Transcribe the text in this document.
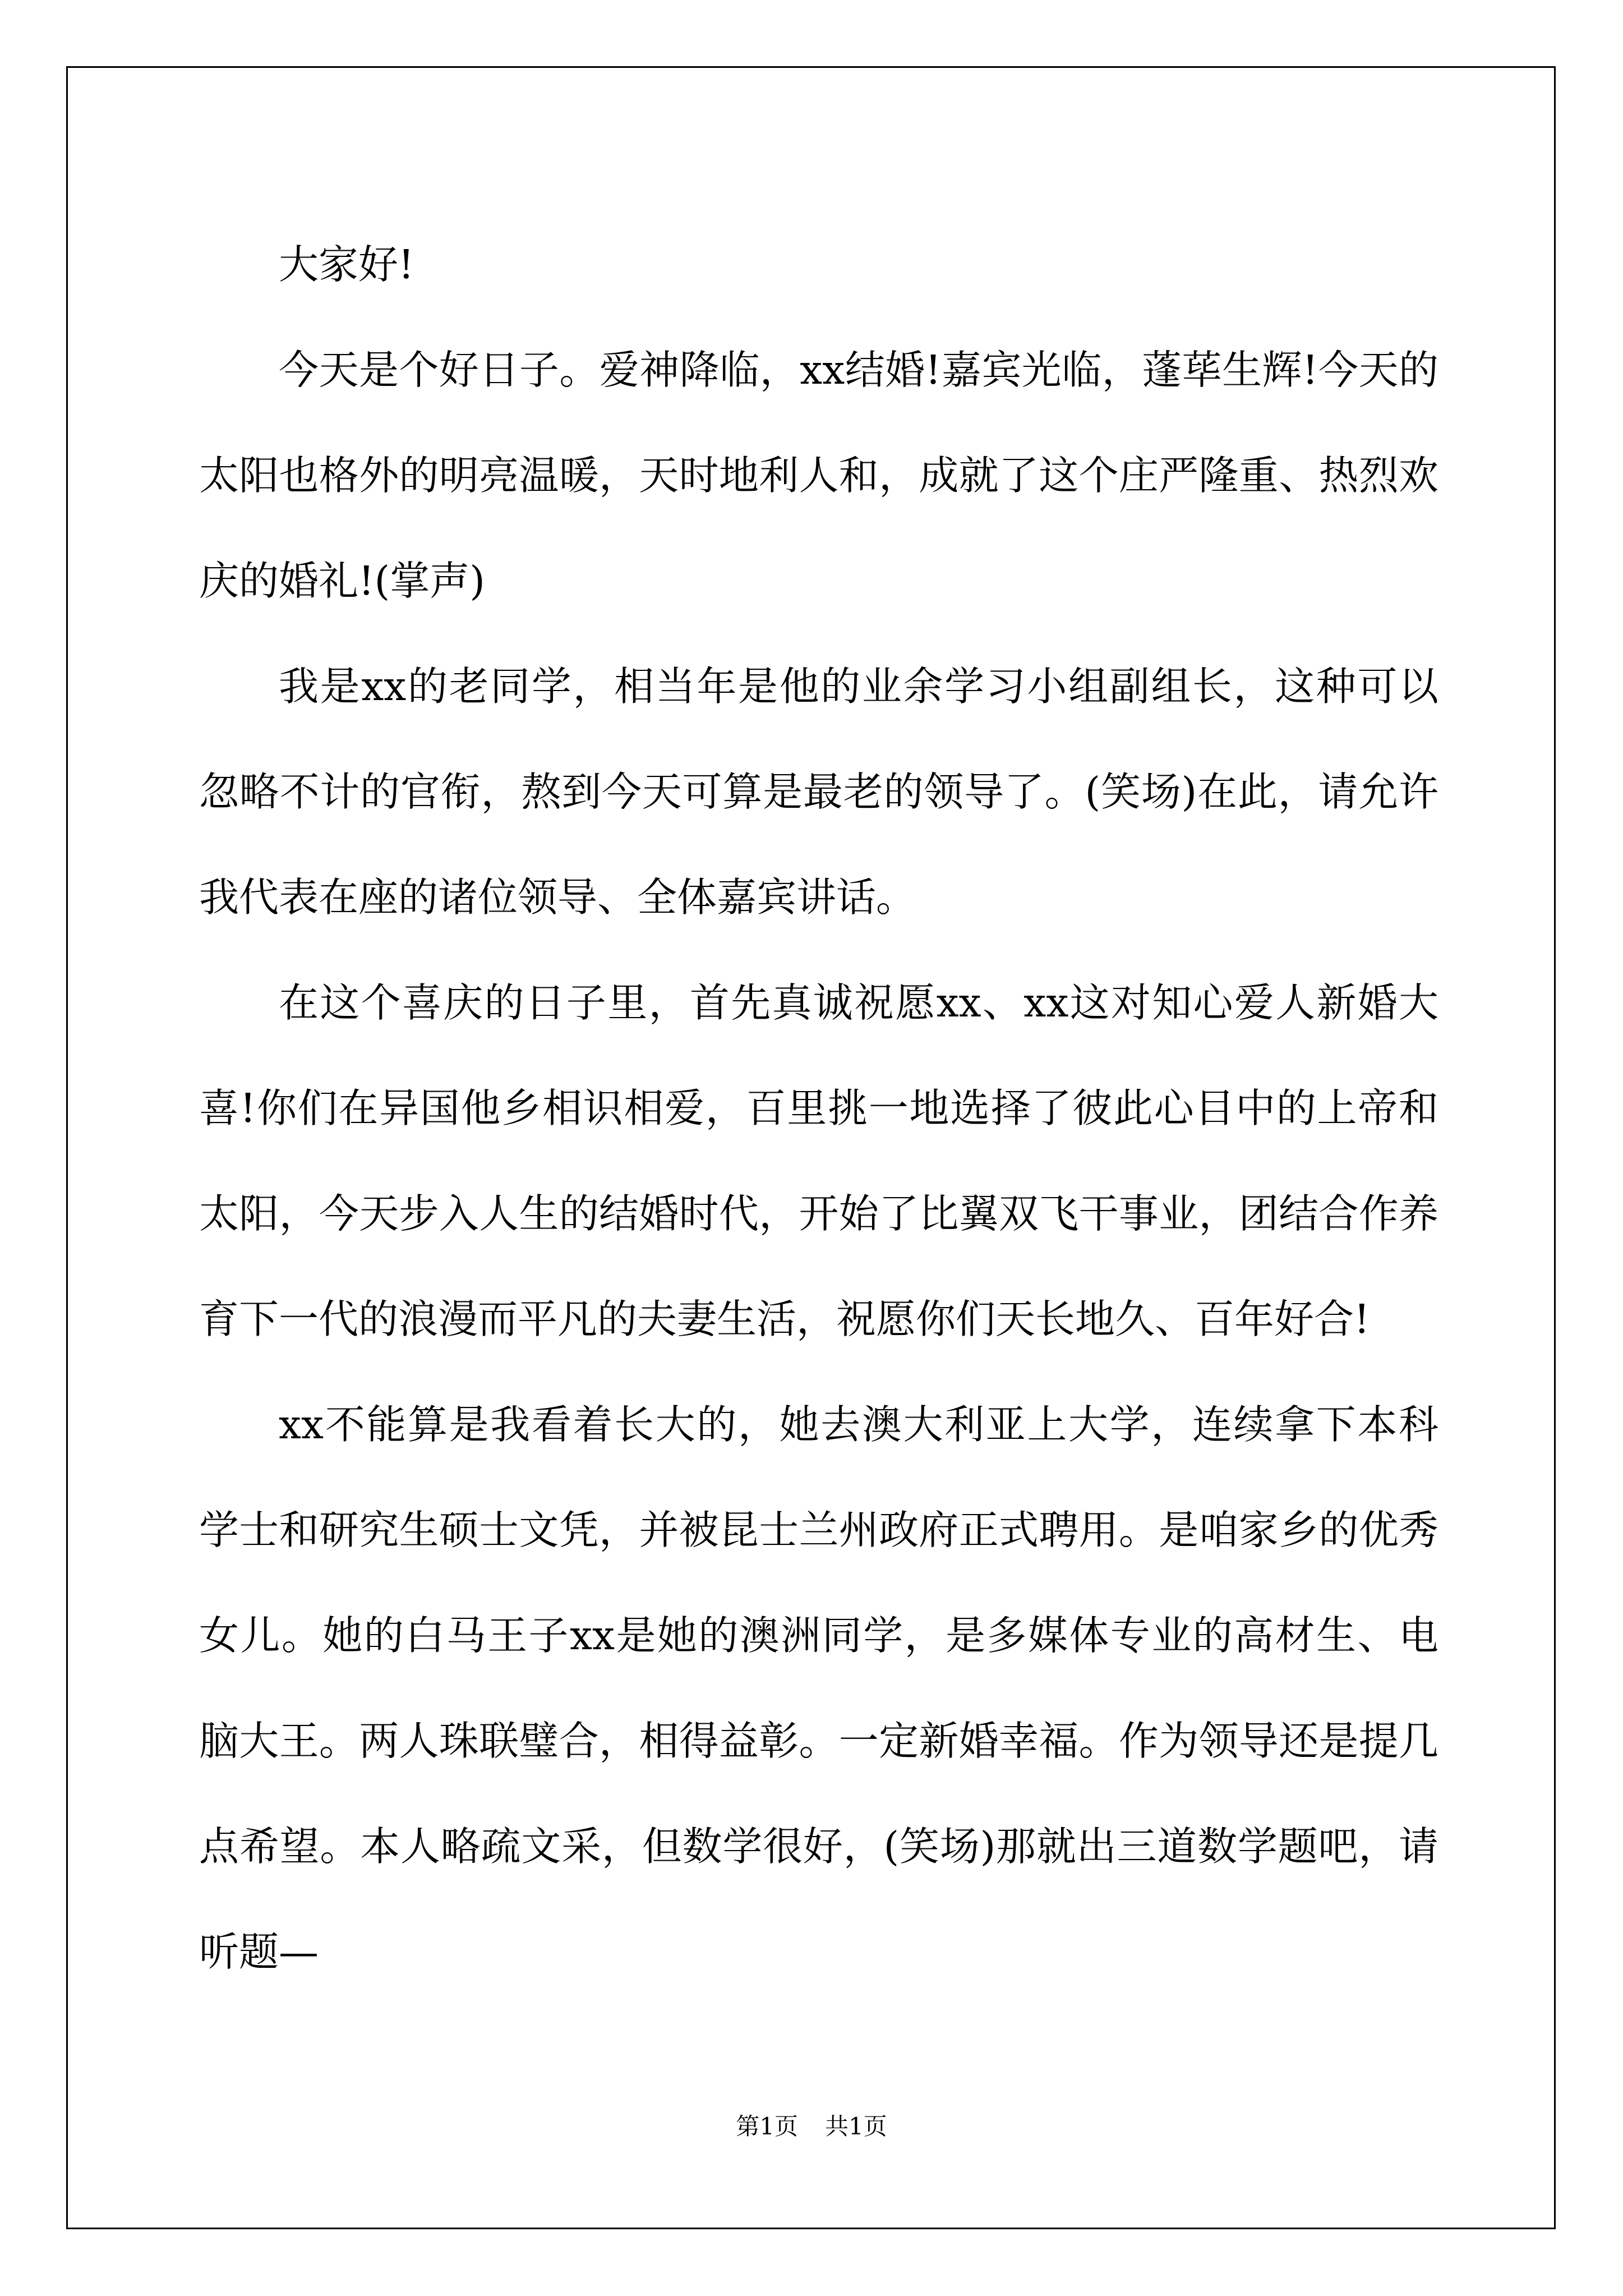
大家好!

今天是个好日子。爱神降临，xx结婚!嘉宾光临，蓬荜生辉!今天的太阳也格外的明亮温暖，天时地利人和，成就了这个庄严隆重、热烈欢庆的婚礼!(掌声)

我是xx的老同学，相当年是他的业余学习小组副组长，这种可以忽略不计的官衔，熬到今天可算是最老的领导了。(笑场)在此，请允许我代表在座的诸位领导、全体嘉宾讲话。

在这个喜庆的日子里，首先真诚祝愿xx、xx这对知心爱人新婚大喜!你们在异国他乡相识相爱，百里挑一地选择了彼此心目中的上帝和太阳，今天步入人生的结婚时代，开始了比翼双飞干事业，团结合作养育下一代的浪漫而平凡的夫妻生活，祝愿你们天长地久、百年好合!

xx不能算是我看着长大的，她去澳大利亚上大学，连续拿下本科学士和研究生硕士文凭，并被昆士兰州政府正式聘用。是咱家乡的优秀女儿。她的白马王子xx是她的澳洲同学，是多媒体专业的高材生、电脑大王。两人珠联璧合，相得益彰。一定新婚幸福。作为领导还是提几点希望。本人略疏文采，但数学很好，(笑场)那就出三道数学题吧，请听题—

第1页 共1页
